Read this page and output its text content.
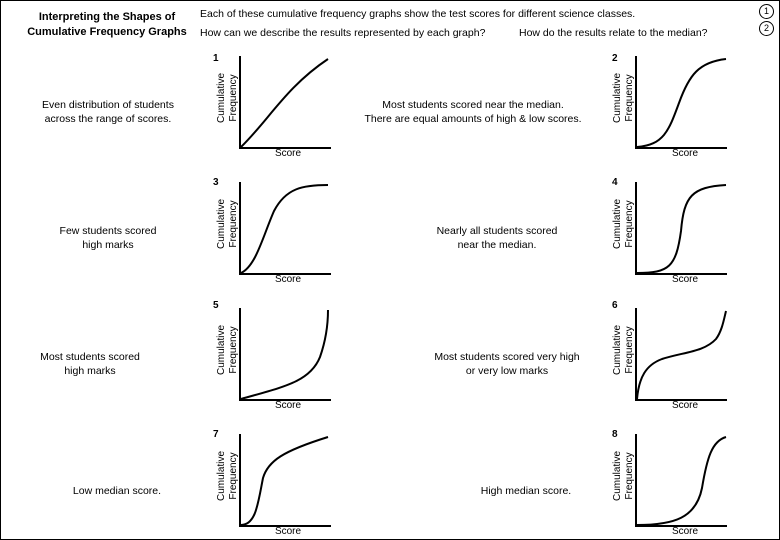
Interpreting the Shapes of
Cumulative Frequency Graphs
Each of these cumulative frequency graphs show the test scores for different science classes.
How can we describe the results represented by each graph?	How do the results relate to the median?
1
2
Even distribution of students
across the range of scores.
1
Cumulative Frequency
Score
Most students scored near the median.
There are equal amounts of high & low scores.
2
Cumulative Frequency
Score
Few students scored
high marks
3
Cumulative Frequency
Score
Nearly all students scored
near the median.
4
Cumulative Frequency
Score
Most students scored
high marks
5
Cumulative Frequency
Score
Most students scored very high
or very low marks
6
Cumulative Frequency
Score
Low median score.
7
Cumulative Frequency
Score
High median score.
8
Cumulative Frequency
Score
